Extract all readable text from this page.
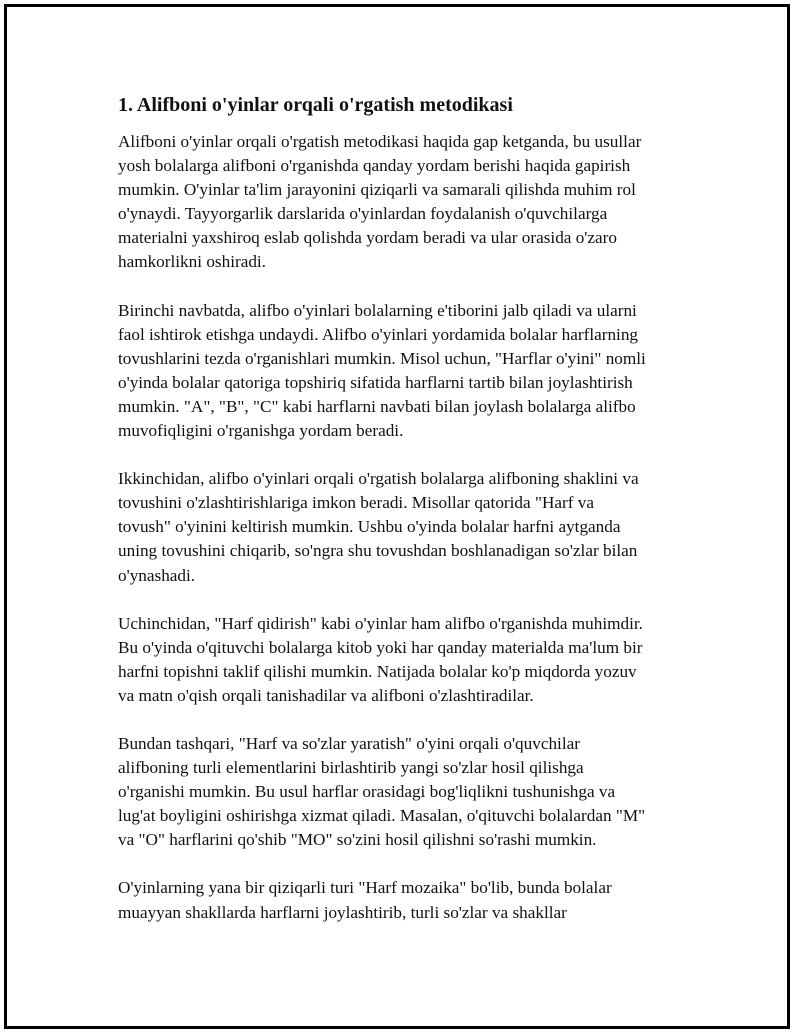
1. Alifboni o'yinlar orqali o'rgatish metodikasi

Alifboni o'yinlar orqali o'rgatish metodikasi haqida gap ketganda, bu usullar
yosh bolalarga alifboni o'rganishda qanday yordam berishi haqida gapirish
mumkin. O'yinlar ta'lim jarayonini qiziqarli va samarali qilishda muhim rol
o'ynaydi. Tayyorgarlik darslarida o'yinlardan foydalanish o'quvchilarga
materialni yaxshiroq eslab qolishda yordam beradi va ular orasida o'zaro
hamkorlikni oshiradi.

Birinchi navbatda, alifbo o'yinlari bolalarning e'tiborini jalb qiladi va ularni
faol ishtirok etishga undaydi. Alifbo o'yinlari yordamida bolalar harflarning
tovushlarini tezda o'rganishlari mumkin. Misol uchun, "Harflar o'yini" nomli
o'yinda bolalar qatoriga topshiriq sifatida harflarni tartib bilan joylashtirish
mumkin. "A", "B", "C" kabi harflarni navbati bilan joylash bolalarga alifbo
muvofiqligini o'rganishga yordam beradi.

Ikkinchidan, alifbo o'yinlari orqali o'rgatish bolalarga alifboning shaklini va
tovushini o'zlashtirishlariga imkon beradi. Misollar qatorida "Harf va
tovush" o'yinini keltirish mumkin. Ushbu o'yinda bolalar harfni aytganda
uning tovushini chiqarib, so'ngra shu tovushdan boshlanadigan so'zlar bilan
o'ynashadi.

Uchinchidan, "Harf qidirish" kabi o'yinlar ham alifbo o'rganishda muhimdir.
Bu o'yinda o'qituvchi bolalarga kitob yoki har qanday materialda ma'lum bir
harfni topishni taklif qilishi mumkin. Natijada bolalar ko'p miqdorda yozuv
va matn o'qish orqali tanishadilar va alifboni o'zlashtiradilar.

Bundan tashqari, "Harf va so'zlar yaratish" o'yini orqali o'quvchilar
alifboning turli elementlarini birlashtirib yangi so'zlar hosil qilishga
o'rganishi mumkin. Bu usul harflar orasidagi bog'liqlikni tushunishga va
lug'at boyligini oshirishga xizmat qiladi. Masalan, o'qituvchi bolalardan "M"
va "O" harflarini qo'shib "MO" so'zini hosil qilishni so'rashi mumkin.

O'yinlarning yana bir qiziqarli turi "Harf mozaika" bo'lib, bunda bolalar
muayyan shakllarda harflarni joylashtirib, turli so'zlar va shakllar
